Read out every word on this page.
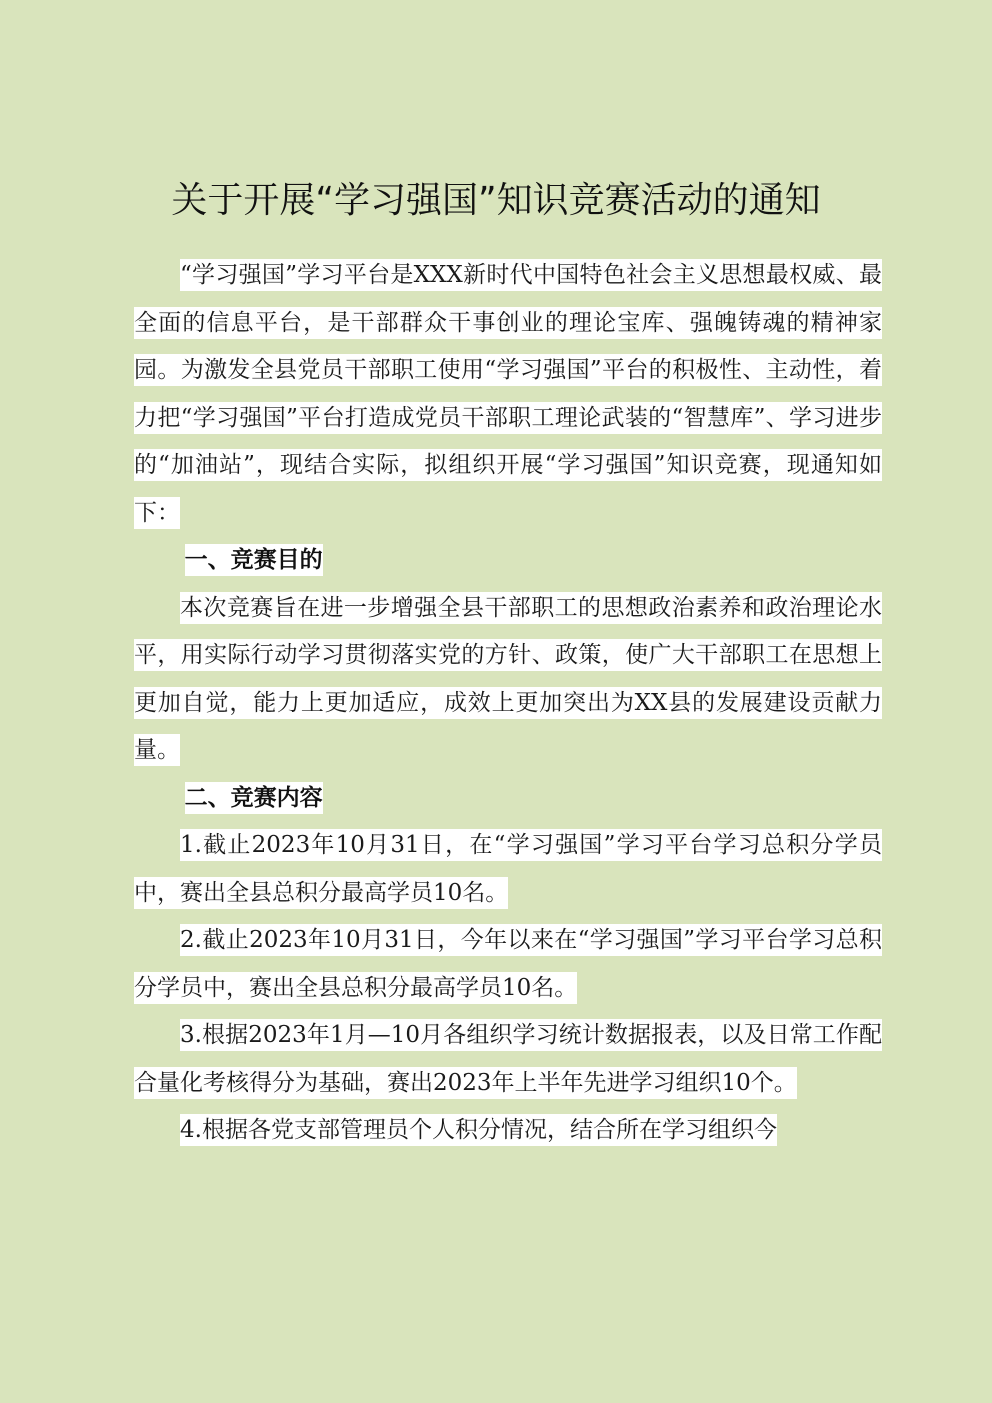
关于开展“学习强国”知识竞赛活动的通知

“学习强国”学习平台是XXX新时代中国特色社会主义思想最权威、最全面的信息平台，是干部群众干事创业的理论宝库、强魄铸魂的精神家园。为激发全县党员干部职工使用“学习强国”平台的积极性、主动性，着力把“学习强国”平台打造成党员干部职工理论武装的“智慧库”、学习进步的“加油站”，现结合实际，拟组织开展“学习强国”知识竞赛，现通知如下：

一、竞赛目的

本次竞赛旨在进一步增强全县干部职工的思想政治素养和政治理论水平，用实际行动学习贯彻落实党的方针、政策，使广大干部职工在思想上更加自觉，能力上更加适应，成效上更加突出为XX县的发展建设贡献力量。

二、竞赛内容

1.截止2023年10月31日，在“学习强国”学习平台学习总积分学员中，赛出全县总积分最高学员10名。

2.截止2023年10月31日，今年以来在“学习强国”学习平台学习总积分学员中，赛出全县总积分最高学员10名。

3.根据2023年1月—10月各组织学习统计数据报表，以及日常工作配合量化考核得分为基础，赛出2023年上半年先进学习组织10个。

4.根据各党支部管理员个人积分情况，结合所在学习组织今
